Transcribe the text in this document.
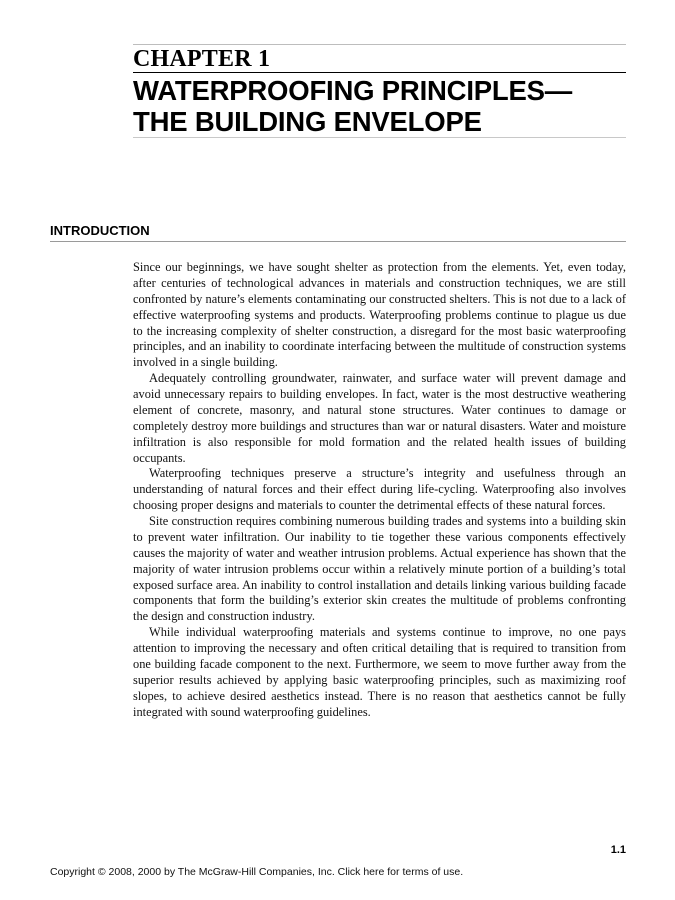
CHAPTER 1
WATERPROOFING PRINCIPLES—
THE BUILDING ENVELOPE
INTRODUCTION

Since our beginnings, we have sought shelter as protection from the elements. Yet, even today, after centuries of technological advances in materials and construction techniques, we are still confronted by nature’s elements contaminating our constructed shelters. This is not due to a lack of effective waterproofing systems and products. Waterproofing problems continue to plague us due to the increasing complexity of shelter construction, a disregard for the most basic waterproofing principles, and an inability to coordinate interfacing between the multitude of construction systems involved in a single building.

Adequately controlling groundwater, rainwater, and surface water will prevent damage and avoid unnecessary repairs to building envelopes. In fact, water is the most destructive weathering element of concrete, masonry, and natural stone structures. Water continues to damage or completely destroy more buildings and structures than war or natural disasters. Water and moisture infiltration is also responsible for mold formation and the related health issues of building occupants.

Waterproofing techniques preserve a structure’s integrity and usefulness through an understanding of natural forces and their effect during life-cycling. Waterproofing also involves choosing proper designs and materials to counter the detrimental effects of these natural forces.

Site construction requires combining numerous building trades and systems into a building skin to prevent water infiltration. Our inability to tie together these various components effectively causes the majority of water and weather intrusion problems. Actual experience has shown that the majority of water intrusion problems occur within a relatively minute portion of a building’s total exposed surface area. An inability to control installation and details linking various building facade components that form the building’s exterior skin creates the multitude of problems confronting the design and construction industry.

While individual waterproofing materials and systems continue to improve, no one pays attention to improving the necessary and often critical detailing that is required to transition from one building facade component to the next. Furthermore, we seem to move further away from the superior results achieved by applying basic waterproofing principles, such as maximizing roof slopes, to achieve desired aesthetics instead. There is no reason that aesthetics cannot be fully integrated with sound waterproofing guidelines.

1.1
Copyright © 2008, 2000 by The McGraw-Hill Companies, Inc. Click here for terms of use.
